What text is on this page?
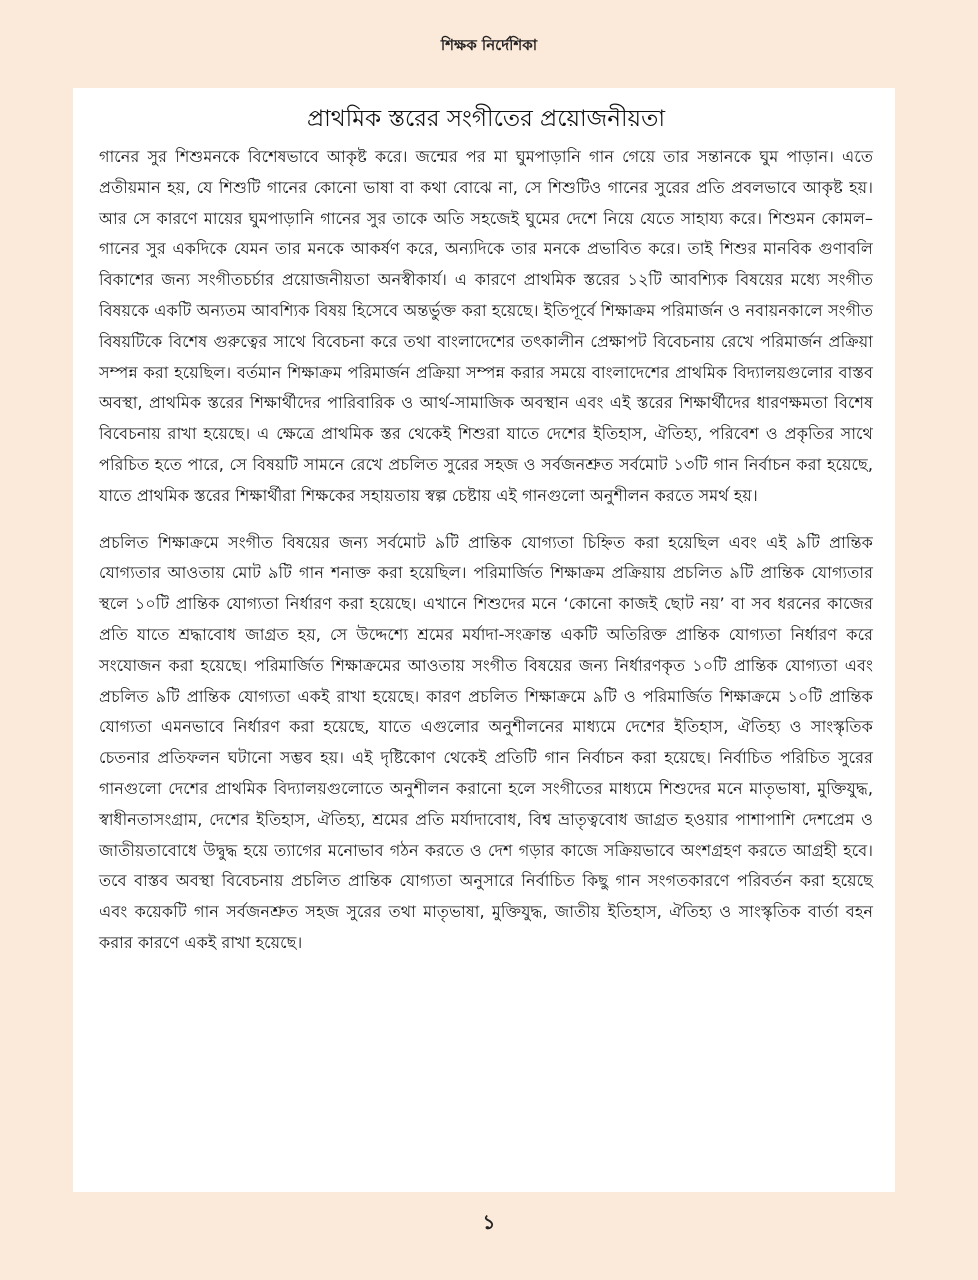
শিক্ষক নির্দেশিকা
প্রাথমিক স্তরের সংগীতের প্রয়োজনীয়তা

গানের সুর শিশুমনকে বিশেষভাবে আকৃষ্ট করে। জন্মের পর মা ঘুমপাড়ানি গান গেয়ে তার সন্তানকে ঘুম পাড়ান। এতে প্রতীয়মান হয়, যে শিশুটি গানের কোনো ভাষা বা কথা বোঝে না, সে শিশুটিও গানের সুরের প্রতি প্রবলভাবে আকৃষ্ট হয়। আর সে কারণে মায়ের ঘুমপাড়ানি গানের সুর তাকে অতি সহজেই ঘুমের দেশে নিয়ে যেতে সাহায্য করে। শিশুমন কোমল– গানের সুর একদিকে যেমন তার মনকে আকর্ষণ করে, অন্যদিকে তার মনকে প্রভাবিত করে। তাই শিশুর মানবিক গুণাবলি বিকাশের জন্য সংগীতচর্চার প্রয়োজনীয়তা অনস্বীকার্য। এ কারণে প্রাথমিক স্তরের ১২টি আবশ্যিক বিষয়ের মধ্যে সংগীত বিষয়কে একটি অন্যতম আবশ্যিক বিষয় হিসেবে অন্তর্ভুক্ত করা হয়েছে। ইতিপূর্বে শিক্ষাক্রম পরিমার্জন ও নবায়নকালে সংগীত বিষয়টিকে বিশেষ গুরুত্বের সাথে বিবেচনা করে তথা বাংলাদেশের তৎকালীন প্রেক্ষাপট বিবেচনায় রেখে পরিমার্জন প্রক্রিয়া সম্পন্ন করা হয়েছিল। বর্তমান শিক্ষাক্রম পরিমার্জন প্রক্রিয়া সম্পন্ন করার সময়ে বাংলাদেশের প্রাথমিক বিদ্যালয়গুলোর বাস্তব অবস্থা, প্রাথমিক স্তরের শিক্ষার্থীদের পারিবারিক ও আর্থ-সামাজিক অবস্থান এবং এই স্তরের শিক্ষার্থীদের ধারণক্ষমতা বিশেষ বিবেচনায় রাখা হয়েছে। এ ক্ষেত্রে প্রাথমিক স্তর থেকেই শিশুরা যাতে দেশের ইতিহাস, ঐতিহ্য, পরিবেশ ও প্রকৃতির সাথে পরিচিত হতে পারে, সে বিষয়টি সামনে রেখে প্রচলিত সুরের সহজ ও সর্বজনশ্রুত সর্বমোট ১৩টি গান নির্বাচন করা হয়েছে, যাতে প্রাথমিক স্তরের শিক্ষার্থীরা শিক্ষকের সহায়তায় স্বল্প চেষ্টায় এই গানগুলো অনুশীলন করতে সমর্থ হয়।

প্রচলিত শিক্ষাক্রমে সংগীত বিষয়ের জন্য সর্বমোট ৯টি প্রান্তিক যোগ্যতা চিহ্নিত করা হয়েছিল এবং এই ৯টি প্রান্তিক যোগ্যতার আওতায় মোট ৯টি গান শনাক্ত করা হয়েছিল। পরিমার্জিত শিক্ষাক্রম প্রক্রিয়ায় প্রচলিত ৯টি প্রান্তিক যোগ্যতার স্থলে ১০টি প্রান্তিক যোগ্যতা নির্ধারণ করা হয়েছে। এখানে শিশুদের মনে ‘কোনো কাজই ছোট নয়’ বা সব ধরনের কাজের প্রতি যাতে শ্রদ্ধাবোধ জাগ্রত হয়, সে উদ্দেশ্যে শ্রমের মর্যাদা-সংক্রান্ত একটি অতিরিক্ত প্রান্তিক যোগ্যতা নির্ধারণ করে সংযোজন করা হয়েছে। পরিমার্জিত শিক্ষাক্রমের আওতায় সংগীত বিষয়ের জন্য নির্ধারণকৃত ১০টি প্রান্তিক যোগ্যতা এবং প্রচলিত ৯টি প্রান্তিক যোগ্যতা একই রাখা হয়েছে। কারণ প্রচলিত শিক্ষাক্রমে ৯টি ও পরিমার্জিত শিক্ষাক্রমে ১০টি প্রান্তিক যোগ্যতা এমনভাবে নির্ধারণ করা হয়েছে, যাতে এগুলোর অনুশীলনের মাধ্যমে দেশের ইতিহাস, ঐতিহ্য ও সাংস্কৃতিক চেতনার প্রতিফলন ঘটানো সম্ভব হয়। এই দৃষ্টিকোণ থেকেই প্রতিটি গান নির্বাচন করা হয়েছে। নির্বাচিত পরিচিত সুরের গানগুলো দেশের প্রাথমিক বিদ্যালয়গুলোতে অনুশীলন করানো হলে সংগীতের মাধ্যমে শিশুদের মনে মাতৃভাষা, মুক্তিযুদ্ধ, স্বাধীনতাসংগ্রাম, দেশের ইতিহাস, ঐতিহ্য, শ্রমের প্রতি মর্যাদাবোধ, বিশ্ব ভ্রাতৃত্ববোধ জাগ্রত হওয়ার পাশাপাশি দেশপ্রেম ও জাতীয়তাবোধে উদ্বুদ্ধ হয়ে ত্যাগের মনোভাব গঠন করতে ও দেশ গড়ার কাজে সক্রিয়ভাবে অংশগ্রহণ করতে আগ্রহী হবে। তবে বাস্তব অবস্থা বিবেচনায় প্রচলিত প্রান্তিক যোগ্যতা অনুসারে নির্বাচিত কিছু গান সংগতকারণে পরিবর্তন করা হয়েছে এবং কয়েকটি গান সর্বজনশ্রুত সহজ সুরের তথা মাতৃভাষা, মুক্তিযুদ্ধ, জাতীয় ইতিহাস, ঐতিহ্য ও সাংস্কৃতিক বার্তা বহন করার কারণে একই রাখা হয়েছে।

১
